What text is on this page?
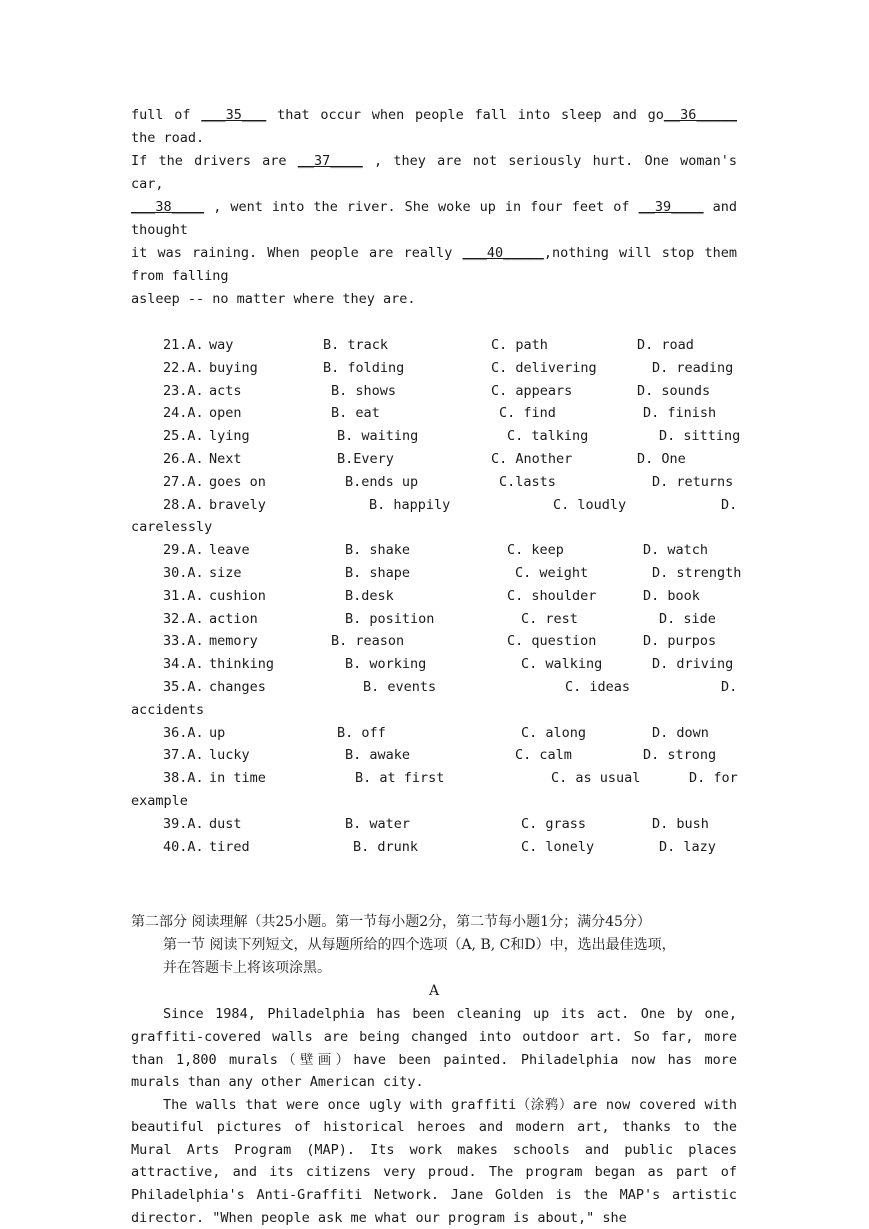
full of ___35___ that occur when people fall into sleep and go__36_____ the road.

If the drivers are __37____ , they are not seriously hurt. One woman's car,

___38____ , went into the river. She woke up in four feet of __39____ and thought

it was raining. When people are really ___40_____,nothing will stop them from falling

asleep -- no matter where they are.

21.A. way	B. track	C. path	D. road
22.A. buying	B. folding	C. delivering	D. reading
23.A. acts	B. shows	C. appears	D. sounds
24.A. open	B. eat	C. find	D. finish
25.A. lying	B. waiting	C. talking	D. sitting
26.A. Next	B.Every	C. Another	D. One
27.A. goes on	B.ends up	C.lasts	D. returns
28.A. bravely	B. happily	C. loudly	D.
carelessly
29.A. leave	B. shake	C. keep	D. watch
30.A. size	B. shape	C. weight	D. strength
31.A. cushion	B.desk	C. shoulder	D. book
32.A. action	B. position	C. rest	D. side
33.A. memory	B. reason	C. question	D. purpos
34.A. thinking	B. working	C. walking	D. driving
35.A. changes	B. events	C. ideas	D.
accidents
36.A. up	B. off	C. along	D. down
37.A. lucky	B. awake	C. calm	D. strong
38.A. in time	B. at first	C. as usual	D. for
example
39.A. dust	B. water	C. grass	D. bush
40.A. tired	B. drunk	C. lonely	D. lazy
第二部分 阅读理解（共25小题。第一节每小题2分，第二节每小题1分；满分45分）
第一节 阅读下列短文，从每题所给的四个选项（A, B, C和D）中，选出最佳选项，
并在答题卡上将该项涂黑。
A

Since 1984, Philadelphia has been cleaning up its act. One by one, graffiti-covered walls are being changed into outdoor art. So far, more than 1,800 murals（壁画）have been painted. Philadelphia now has more murals than any other American city.

The walls that were once ugly with graffiti（涂鸦）are now covered with beautiful pictures of historical heroes and modern art, thanks to the Mural Arts Program (MAP). Its work makes schools and public places attractive, and its citizens very proud. The program began as part of Philadelphia's Anti-Graffiti Network. Jane Golden is the MAP's artistic director. "When people ask me what our program is about," she
